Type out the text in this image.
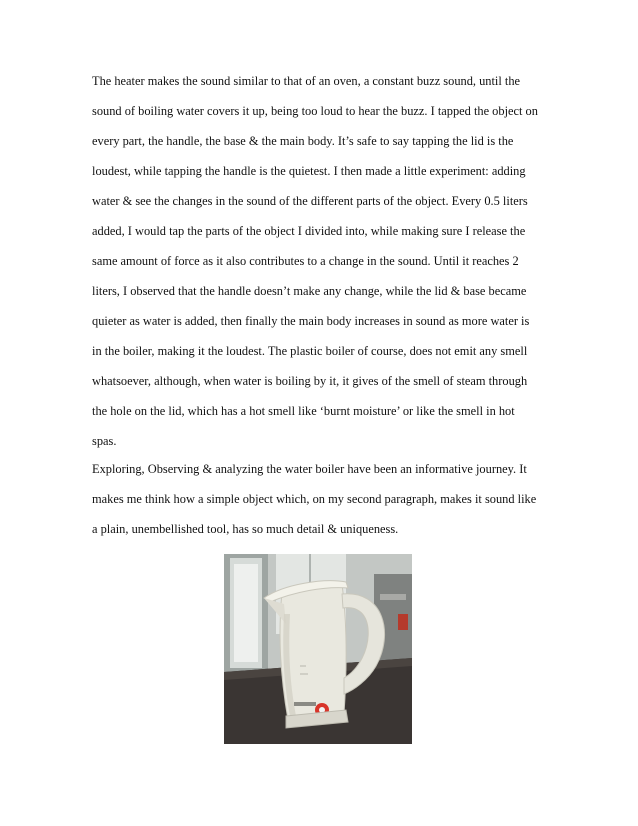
The heater makes the sound similar to that of an oven, a constant buzz sound, until the
sound of boiling water covers it up, being too loud to hear the buzz. I tapped the object on
every part, the handle, the base & the main body. It’s safe to say tapping the lid is the
loudest, while tapping the handle is the quietest. I then made a little experiment: adding
water & see the changes in the sound of the different parts of the object. Every 0.5 liters
added, I would tap the parts of the object I divided into, while making sure I release the
same amount of force as it also contributes to a change in the sound. Until it reaches 2
liters, I observed that the handle doesn’t make any change, while the lid & base became
quieter as water is added, then finally the main body increases in sound as more water is
in the boiler, making it the loudest. The plastic boiler of course, does not emit any smell
whatsoever, although, when water is boiling by it, it gives of the smell of steam through
the hole on the lid, which has a hot smell like ‘burnt moisture’ or like the smell in hot
spas.
Exploring, Observing & analyzing the water boiler have been an informative journey. It
makes me think how a simple object which, on my second paragraph, makes it sound like
a plain, unembellished tool, has so much detail & uniqueness.
